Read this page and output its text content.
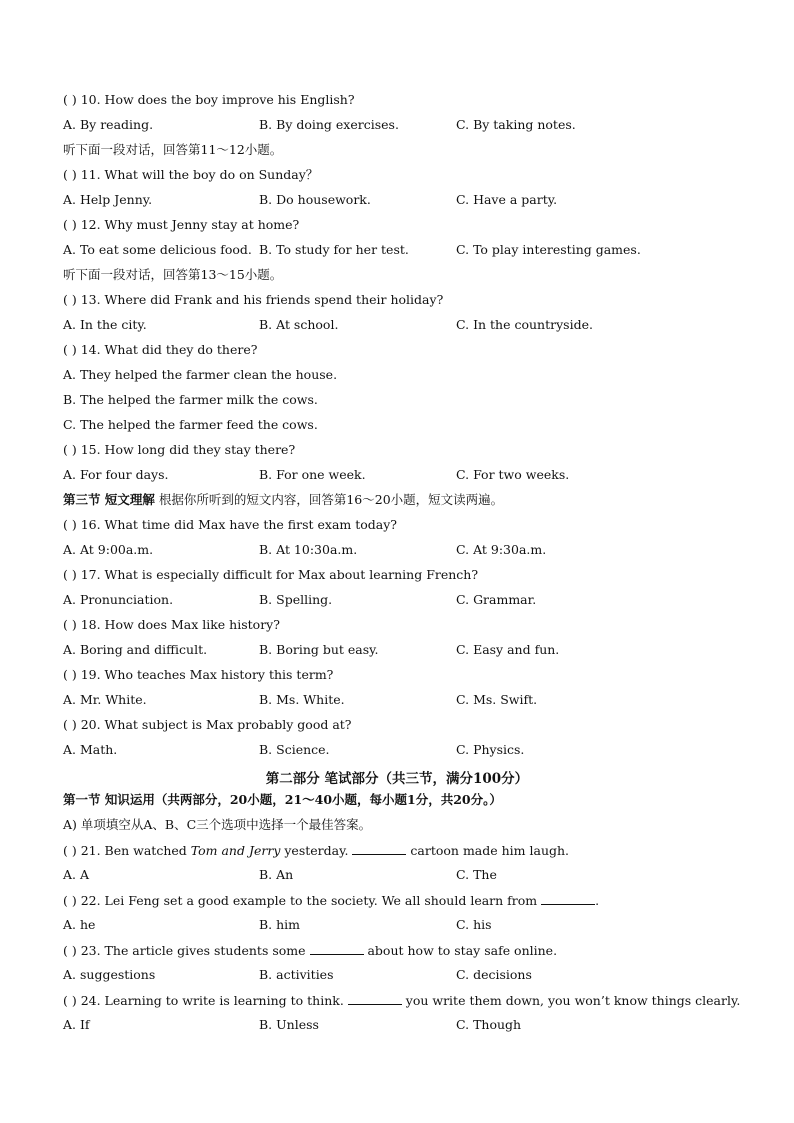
( ) 10. How does the boy improve his English?
A. By reading.	B. By doing exercises.	C. By taking notes.
听下面一段对话，回答第11～12小题。
( ) 11. What will the boy do on Sunday？
A. Help Jenny.	B. Do housework.	C. Have a party.
( ) 12. Why must Jenny stay at home?
A. To eat some delicious food. B. To study for her test.	C. To play interesting games.
听下面一段对话，回答第13～15小题。
( ) 13. Where did Frank and his friends spend their holiday?
A. In the city.	B. At school.	C. In the countryside.
( ) 14. What did they do there?
A. They helped the farmer clean the house.
B. The helped the farmer milk the cows.
C. The helped the farmer feed the cows.
( ) 15. How long did they stay there?
A. For four days.	B. For one week.	C. For two weeks.
第三节 短文理解 根据你所听到的短文内容，回答第16～20小题，短文读两遍。
( ) 16. What time did Max have the first exam today?
A. At 9:00a.m.	B. At 10:30a.m.	C. At 9:30a.m.
( ) 17. What is especially difficult for Max about learning French?
A. Pronunciation.	B. Spelling.	C. Grammar.
( ) 18. How does Max like history?
A. Boring and difficult.	B. Boring but easy.	C. Easy and fun.
( ) 19. Who teaches Max history this term?
A. Mr. White.	B. Ms. White.	C. Ms. Swift.
( ) 20. What subject is Max probably good at?
A. Math.	B. Science.	C. Physics.
第二部分 笔试部分（共三节，满分100分）
第一节 知识运用（共两部分，20小题，21～40小题，每小题1分，共20分。）
A) 单项填空从A、B、C三个选项中选择一个最佳答案。
( ) 21. Ben watched Tom and Jerry yesterday.	cartoon made him laugh.
A. A	B. An	C. The
( ) 22. Lei Feng set a good example to the society. We all should learn from	.
A. he	B. him	C. his
( ) 23. The article gives students some	about how to stay safe online.
A. suggestions	B. activities	C. decisions
( ) 24. Learning to write is learning to think.	you write them down, you won’t know things clearly.
A. If	B. Unless	C. Though
